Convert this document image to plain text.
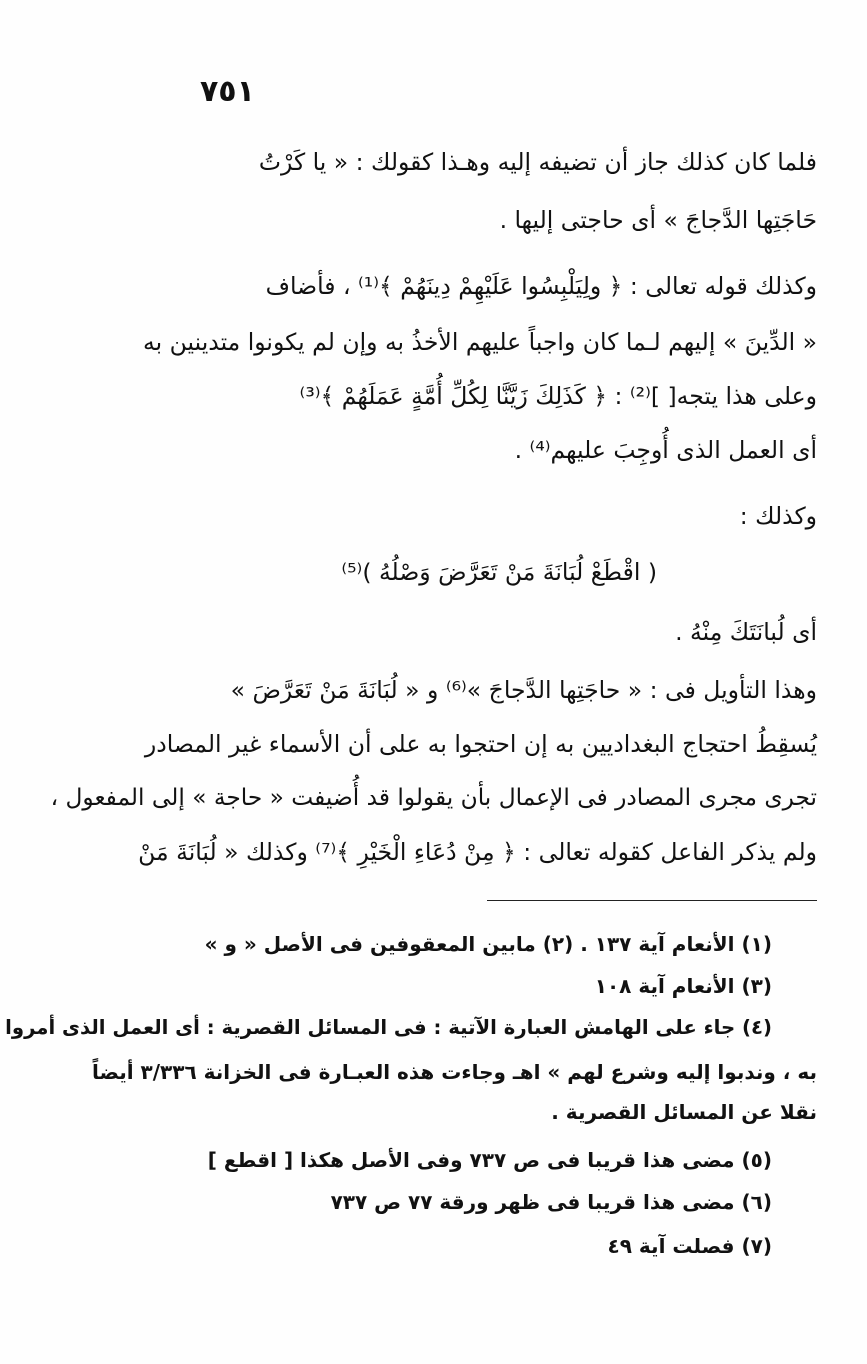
٧٥١
فلما كان كذلك جاز أن تضيفه إليه وهـذا كقولك : « يا كَرْتُ
حَاجَتِها الدَّجاجَ » أى حاجتى إليها .
وكذلك قوله تعالى : ﴿ ولِيَلْبِسُوا عَلَيْهِمْ دِينَهُمْ ﴾⁽¹⁾ ، فأضاف
« الدِّينَ » إليهم لـما كان واجباً عليهم الأخذُ به وإن لم يكونوا متدينين به
وعلى هذا يتجه[ ]⁽²⁾ : ﴿ كَذَلِكَ زَيَّنَّا لِكُلِّ أُمَّةٍ عَمَلَهُمْ ﴾⁽³⁾
أى العمل الذى أُوجِبَ عليهم⁽⁴⁾ .
وكذلك :
( اقْطَعْ لُبَانَةَ مَنْ تَعَرَّضَ وَصْلُهُ )⁽⁵⁾
أى لُبانَتَكَ مِنْهُ .
وهذا التأويل فى : « حاجَتِها الدَّجاجَ »⁽⁶⁾ و « لُبَانَةَ مَنْ تَعَرَّضَ »
يُسقِطُ احتجاج البغداديين به إن احتجوا به على أن الأسماء غير المصادر
تجرى مجرى المصادر فى الإعمال بأن يقولوا قد أُضيفت « حاجة » إلى المفعول ،
ولم يذكر الفاعل كقوله تعالى : ﴿ مِنْ دُعَاءِ الْخَيْرِ ﴾⁽⁷⁾ وكذلك « لُبَانَةَ مَنْ
(١) الأنعام آية ١٣٧ . (٢) مابين المعقوفين فى الأصل « و »
(٣) الأنعام آية ١٠٨
(٤) جاء على الهامش العبارة الآتية : فى المسائل القصرية : أى العمل الذى أمروا
به ، وندبوا إليه وشرع لهم » اهـ وجاءت هذه العبـارة فى الخزانة ٣/٣٣٦ أيضاً
نقلا عن المسائل القصرية .
(٥) مضى هذا قريبا فى ص ٧٣٧ وفى الأصل هكذا [ اقطع ]
(٦) مضى هذا قريبا فى ظهر ورقة ٧٧ ص ٧٣٧
(٧) فصلت آية ٤٩
